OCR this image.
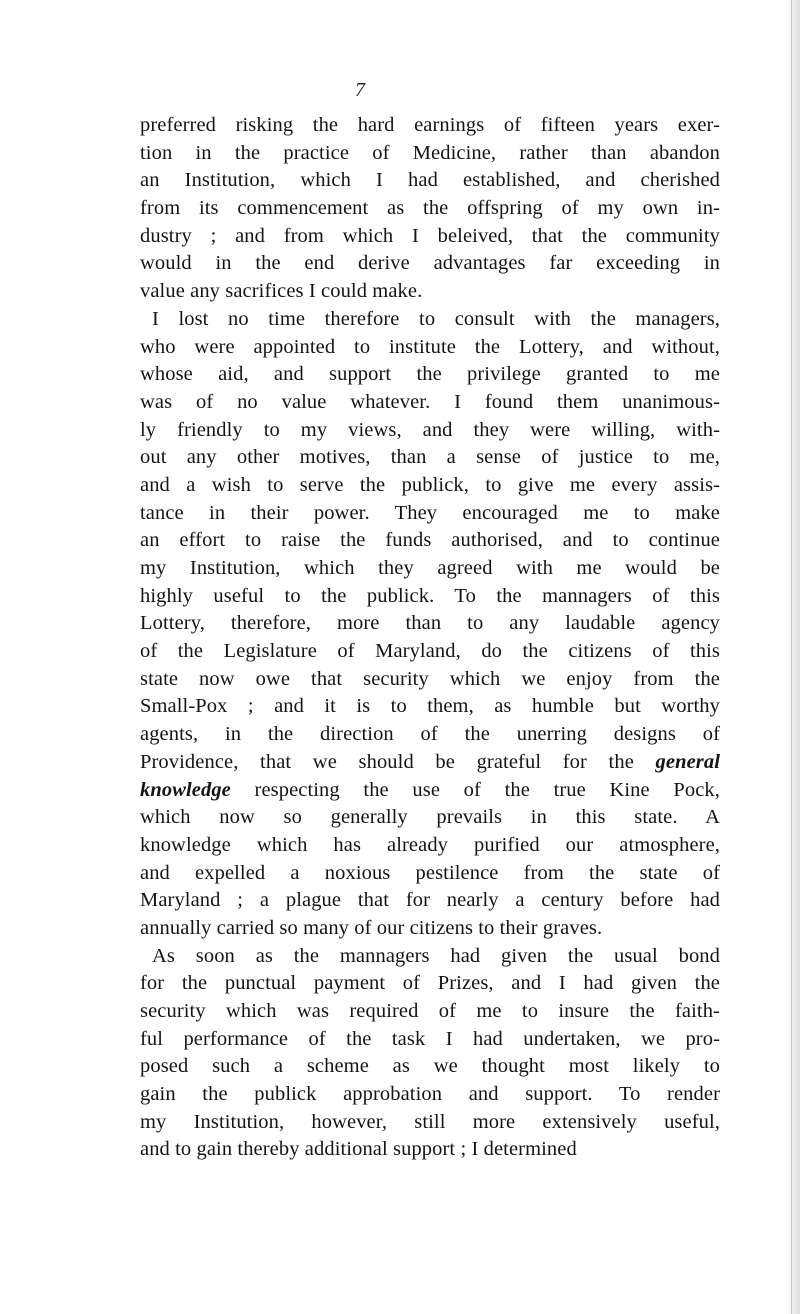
7
preferred risking the hard earnings of fifteen years exer-
tion in the practice of Medicine, rather than abandon
an Institution, which I had established, and cherished
from its commencement as the offspring of my own in-
dustry ; and from which I beleived, that the community
would in the end derive advantages far exceeding in
value any sacrifices I could make.
I lost no time therefore to consult with the managers,
who were appointed to institute the Lottery, and without,
whose aid, and support the privilege granted to me
was of no value whatever. I found them unanimous-
ly friendly to my views, and they were willing, with-
out any other motives, than a sense of justice to me,
and a wish to serve the publick, to give me every assis-
tance in their power. They encouraged me to make
an effort to raise the funds authorised, and to continue
my Institution, which they agreed with me would be
highly useful to the publick. To the mannagers of this
Lottery, therefore, more than to any laudable agency
of the Legislature of Maryland, do the citizens of this
state now owe that security which we enjoy from the
Small-Pox ; and it is to them, as humble but worthy
agents, in the direction of the unerring designs of
Providence, that we should be grateful for the general
knowledge respecting the use of the true Kine Pock,
which now so generally prevails in this state. A
knowledge which has already purified our atmosphere,
and expelled a noxious pestilence from the state of
Maryland ; a plague that for nearly a century before had
annually carried so many of our citizens to their graves.
As soon as the mannagers had given the usual bond
for the punctual payment of Prizes, and I had given the
security which was required of me to insure the faith-
ful performance of the task I had undertaken, we pro-
posed such a scheme as we thought most likely to
gain the publick approbation and support. To render
my Institution, however, still more extensively useful,
and to gain thereby additional support ; I determined
